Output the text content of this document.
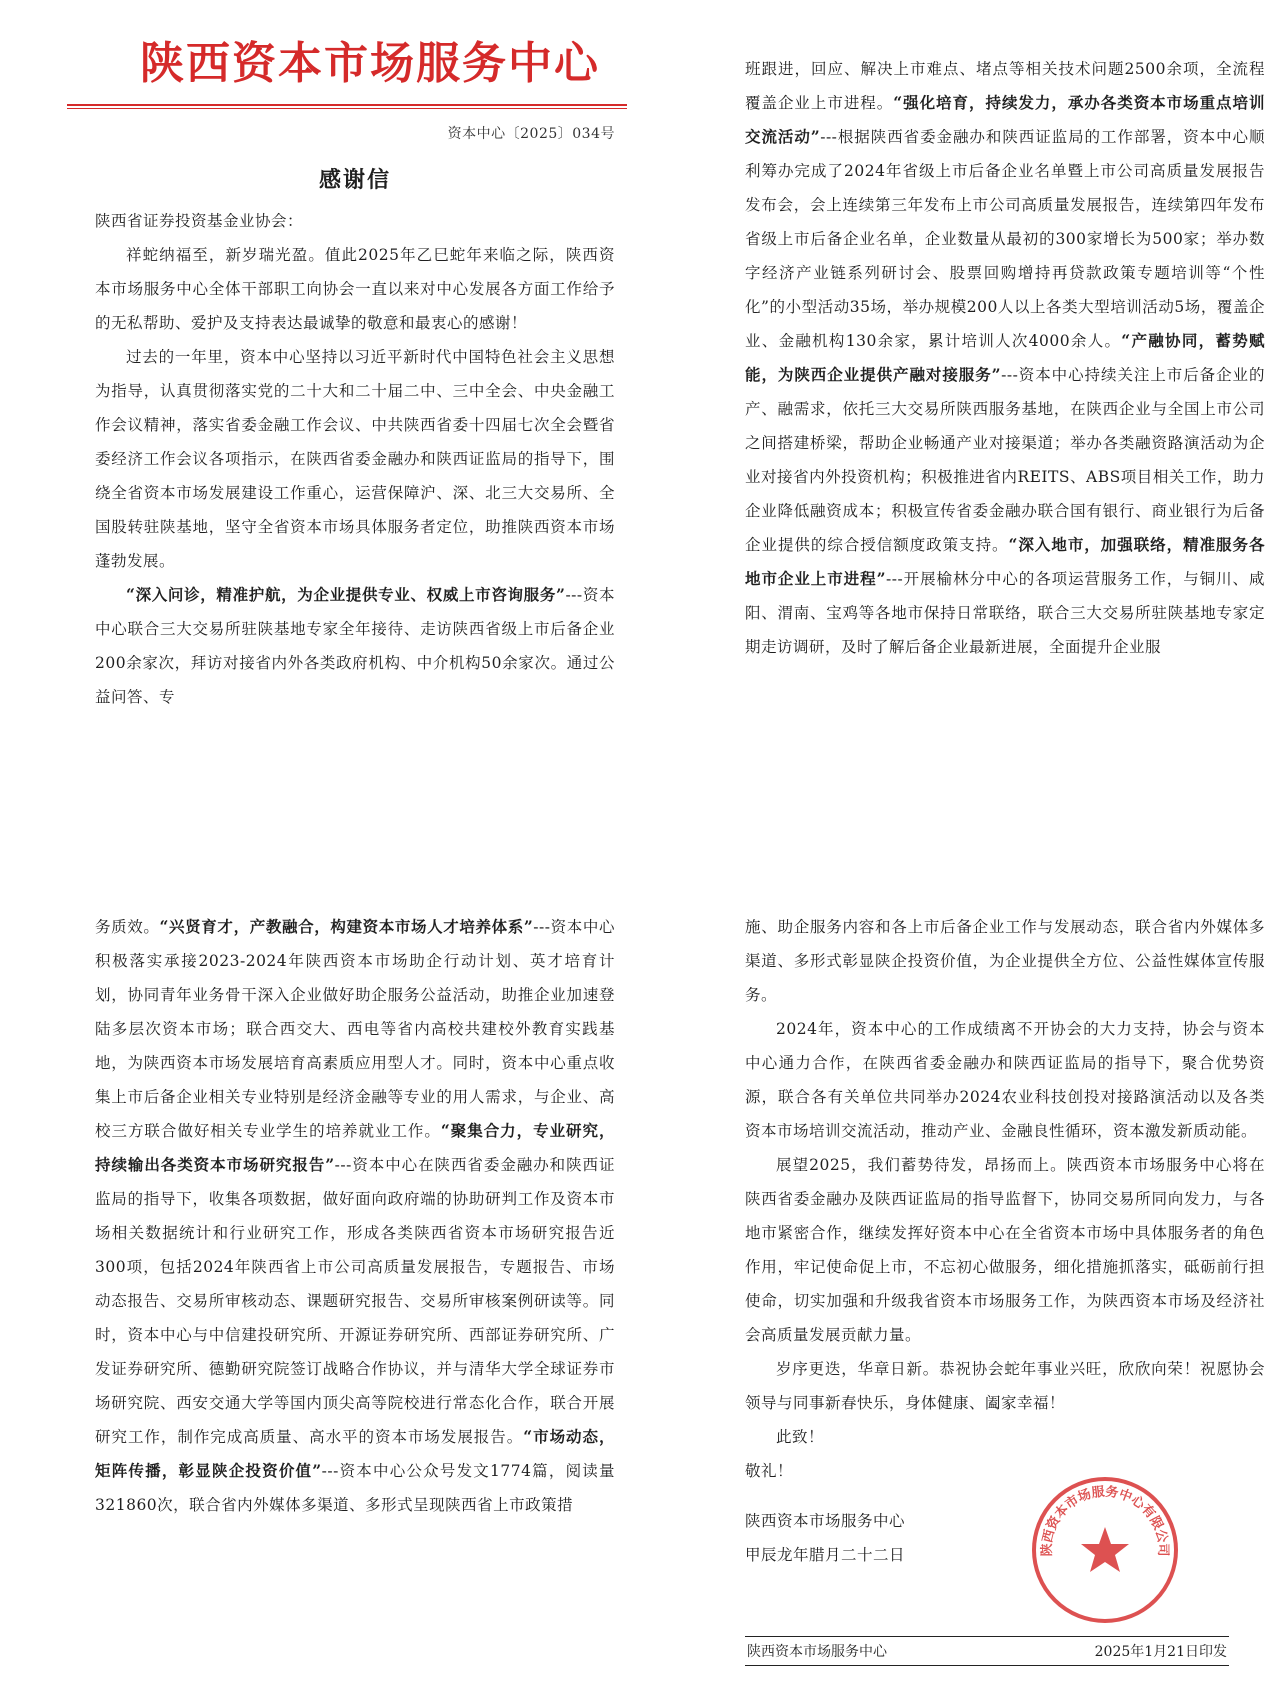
陕西资本市场服务中心
资本中心〔2025〕034号
感谢信

陕西省证券投资基金业协会：

祥蛇纳福至，新岁瑞光盈。值此2025年乙巳蛇年来临之际，陕西资本市场服务中心全体干部职工向协会一直以来对中心发展各方面工作给予的无私帮助、爱护及支持表达最诚挚的敬意和最衷心的感谢！

过去的一年里，资本中心坚持以习近平新时代中国特色社会主义思想为指导，认真贯彻落实党的二十大和二十届二中、三中全会、中央金融工作会议精神，落实省委金融工作会议、中共陕西省委十四届七次全会暨省委经济工作会议各项指示，在陕西省委金融办和陕西证监局的指导下，围绕全省资本市场发展建设工作重心，运营保障沪、深、北三大交易所、全国股转驻陕基地，坚守全省资本市场具体服务者定位，助推陕西资本市场蓬勃发展。

“深入问诊，精准护航，为企业提供专业、权威上市咨询服务”---资本中心联合三大交易所驻陕基地专家全年接待、走访陕西省级上市后备企业200余家次，拜访对接省内外各类政府机构、中介机构50余家次。通过公益问答、专

班跟进，回应、解决上市难点、堵点等相关技术问题2500余项，全流程覆盖企业上市进程。“强化培育，持续发力，承办各类资本市场重点培训交流活动”---根据陕西省委金融办和陕西证监局的工作部署，资本中心顺利筹办完成了2024年省级上市后备企业名单暨上市公司高质量发展报告发布会，会上连续第三年发布上市公司高质量发展报告，连续第四年发布省级上市后备企业名单，企业数量从最初的300家增长为500家；举办数字经济产业链系列研讨会、股票回购增持再贷款政策专题培训等“个性化”的小型活动35场，举办规模200人以上各类大型培训活动5场，覆盖企业、金融机构130余家，累计培训人次4000余人。“产融协同，蓄势赋能，为陕西企业提供产融对接服务”---资本中心持续关注上市后备企业的产、融需求，依托三大交易所陕西服务基地，在陕西企业与全国上市公司之间搭建桥梁，帮助企业畅通产业对接渠道；举办各类融资路演活动为企业对接省内外投资机构；积极推进省内REITS、ABS项目相关工作，助力企业降低融资成本；积极宣传省委金融办联合国有银行、商业银行为后备企业提供的综合授信额度政策支持。“深入地市，加强联络，精准服务各地市企业上市进程”---开展榆林分中心的各项运营服务工作，与铜川、咸阳、渭南、宝鸡等各地市保持日常联络，联合三大交易所驻陕基地专家定期走访调研，及时了解后备企业最新进展，全面提升企业服

务质效。“兴贤育才，产教融合，构建资本市场人才培养体系”---资本中心积极落实承接2023-2024年陕西资本市场助企行动计划、英才培育计划，协同青年业务骨干深入企业做好助企服务公益活动，助推企业加速登陆多层次资本市场；联合西交大、西电等省内高校共建校外教育实践基地，为陕西资本市场发展培育高素质应用型人才。同时，资本中心重点收集上市后备企业相关专业特别是经济金融等专业的用人需求，与企业、高校三方联合做好相关专业学生的培养就业工作。“聚集合力，专业研究，持续输出各类资本市场研究报告”---资本中心在陕西省委金融办和陕西证监局的指导下，收集各项数据，做好面向政府端的协助研判工作及资本市场相关数据统计和行业研究工作，形成各类陕西省资本市场研究报告近300项，包括2024年陕西省上市公司高质量发展报告，专题报告、市场动态报告、交易所审核动态、课题研究报告、交易所审核案例研读等。同时，资本中心与中信建投研究所、开源证券研究所、西部证券研究所、广发证券研究所、德勤研究院签订战略合作协议，并与清华大学全球证券市场研究院、西安交通大学等国内顶尖高等院校进行常态化合作，联合开展研究工作，制作完成高质量、高水平的资本市场发展报告。“市场动态，矩阵传播，彰显陕企投资价值”---资本中心公众号发文1774篇，阅读量321860次，联合省内外媒体多渠道、多形式呈现陕西省上市政策措

施、助企服务内容和各上市后备企业工作与发展动态，联合省内外媒体多渠道、多形式彰显陕企投资价值，为企业提供全方位、公益性媒体宣传服务。

2024年，资本中心的工作成绩离不开协会的大力支持，协会与资本中心通力合作，在陕西省委金融办和陕西证监局的指导下，聚合优势资源，联合各有关单位共同举办2024农业科技创投对接路演活动以及各类资本市场培训交流活动，推动产业、金融良性循环，资本激发新质动能。

展望2025，我们蓄势待发，昂扬而上。陕西资本市场服务中心将在陕西省委金融办及陕西证监局的指导监督下，协同交易所同向发力，与各地市紧密合作，继续发挥好资本中心在全省资本市场中具体服务者的角色作用，牢记使命促上市，不忘初心做服务，细化措施抓落实，砥砺前行担使命，切实加强和升级我省资本市场服务工作，为陕西资本市场及经济社会高质量发展贡献力量。

岁序更迭，华章日新。恭祝协会蛇年事业兴旺，欣欣向荣！祝愿协会领导与同事新春快乐，身体健康、阖家幸福！

此致！

敬礼！

陕西资本市场服务中心

甲辰龙年腊月二十二日	陕西资本市场服务中心有限公司
陕西资本市场服务中心	2025年1月21日印发
